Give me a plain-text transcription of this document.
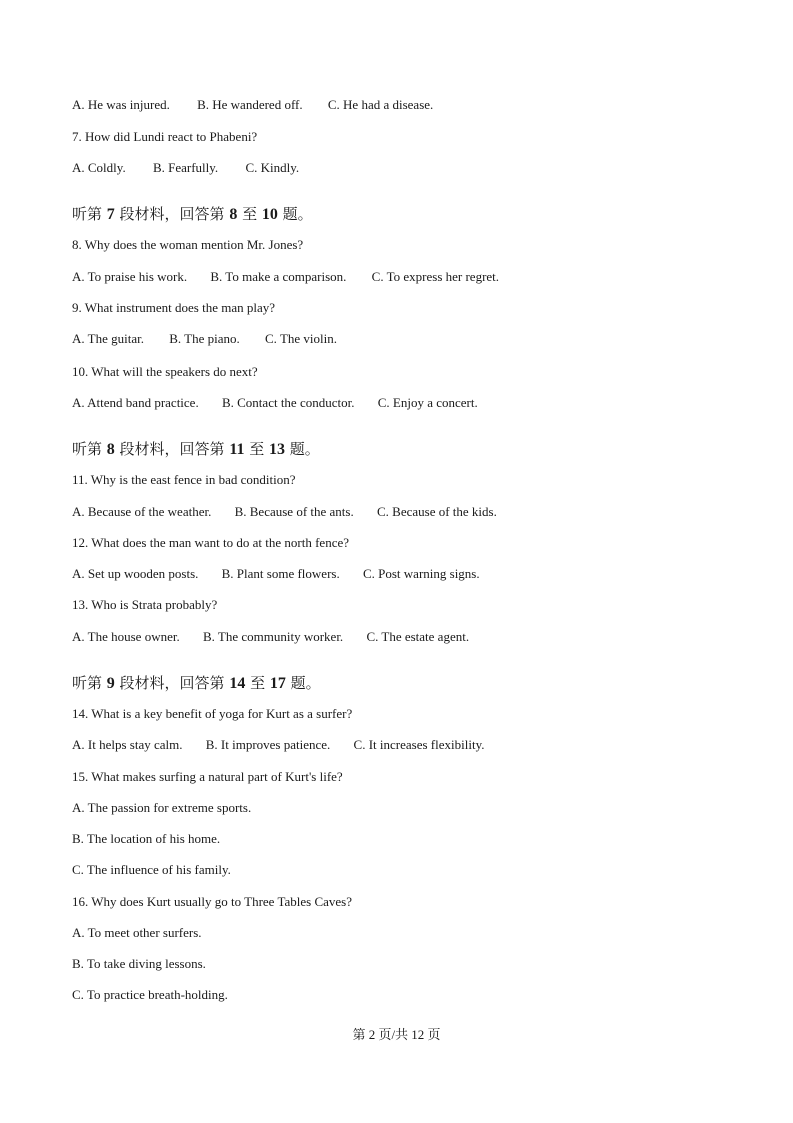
A. He was injured. B. He wandered off. C. He had a disease.
7. How did Lundi react to Phabeni?
A. Coldly. B. Fearfully. C. Kindly.
听第 7 段材料，回答第 8 至 10 题。
8. Why does the woman mention Mr. Jones?
A. To praise his work. B. To make a comparison. C. To express her regret.
9. What instrument does the man play?
A. The guitar. B. The piano. C. The violin.
10. What will the speakers do next?
A. Attend band practice. B. Contact the conductor. C. Enjoy a concert.
听第 8 段材料，回答第 11 至 13 题。
11. Why is the east fence in bad condition?
A. Because of the weather. B. Because of the ants. C. Because of the kids.
12. What does the man want to do at the north fence?
A. Set up wooden posts. B. Plant some flowers. C. Post warning signs.
13. Who is Strata probably?
A. The house owner. B. The community worker. C. The estate agent.
听第 9 段材料，回答第 14 至 17 题。
14. What is a key benefit of yoga for Kurt as a surfer?
A. It helps stay calm. B. It improves patience. C. It increases flexibility.
15. What makes surfing a natural part of Kurt's life?
A. The passion for extreme sports.
B. The location of his home.
C. The influence of his family.
16. Why does Kurt usually go to Three Tables Caves?
A. To meet other surfers.
B. To take diving lessons.
C. To practice breath-holding.
第 2 页/共 12 页
